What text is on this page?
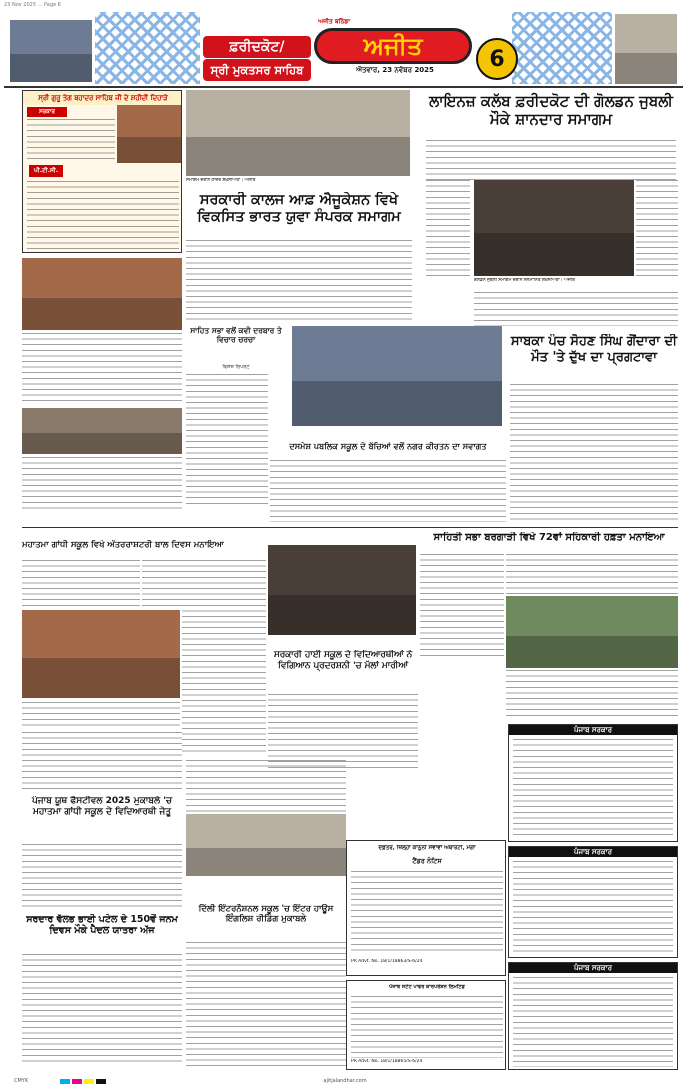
23 Nov 2025 ... Page 6
ਫ਼ਰੀਦਕੋਟ/
ਸ੍ਰੀ ਮੁਕਤਸਰ ਸਾਹਿਬ
ਅਜੀਤ ਬਠਿੰਡਾ
ਅਜੀਤ
ਐਤਵਾਰ, 23 ਨਵੰਬਰ 2025	6
ਸ੍ਰੀ ਗੁਰੂ ਤੇਗ ਬਹਾਦਰ ਸਾਹਿਬ ਜੀ ਦੇ ਸ਼ਹੀਦੀ ਦਿਹਾੜੇ
ਸਰਕਾਰ
ਪੀ.ਟੀ.ਸੀ.
ਸਮਾਗਮ ਦੌਰਾਨ ਹਾਜ਼ਰ ਸ਼ਖ਼ਸੀਅਤਾਂ। ਅਜੀਤ
ਸਰਕਾਰੀ ਕਾਲਜ ਆਫ਼ ਐਜੂਕੇਸ਼ਨ ਵਿਖੇ ਵਿਕਸਿਤ ਭਾਰਤ ਯੁਵਾ ਸੰਪਰਕ ਸਮਾਗਮ
ਲਾਇਨਜ਼ ਕਲੱਬ ਫ਼ਰੀਦਕੋਟ ਦੀ ਗੋਲਡਨ ਜੁਬਲੀ ਮੌਕੇ ਸ਼ਾਨਦਾਰ ਸਮਾਗਮ
ਗੋਲਡਨ ਜੁਬਲੀ ਸਮਾਗਮ ਦੌਰਾਨ ਸਨਮਾਨਿਤ ਸ਼ਖ਼ਸੀਅਤਾਂ। ਅਜੀਤ
ਸਾਹਿਤ ਸਭਾ ਵਲੋਂ ਕਵੀ ਦਰਬਾਰ ਤੇ ਵਿਚਾਰ ਚਰਚਾ
ਵਿਸ਼ੇਸ਼ ਰਿਪੋਰਟ
ਦਸਮੇਸ਼ ਪਬਲਿਕ ਸਕੂਲ ਦੇ ਬੱਚਿਆਂ ਵਲੋਂ ਨਗਰ ਕੀਰਤਨ ਦਾ ਸਵਾਗਤ
ਸਾਬਕਾ ਪੰਚ ਸੋਹਣ ਸਿੰਘ ਗੋਂਦਾਰਾ ਦੀ ਮੌਤ 'ਤੇ ਦੁੱਖ ਦਾ ਪ੍ਰਗਟਾਵਾ
ਸਾਹਿਤੀ ਸਭਾ ਬਰਗਾੜੀ ਵਿਖੇ 72ਵਾਂ ਸਹਿਕਾਰੀ ਹਫ਼ਤਾ ਮਨਾਇਆ
ਮਹਾਤਮਾ ਗਾਂਧੀ ਸਕੂਲ ਵਿਖੇ ਅੰਤਰਰਾਸ਼ਟਰੀ ਬਾਲ ਦਿਵਸ ਮਨਾਇਆ
ਸਰਕਾਰੀ ਹਾਈ ਸਕੂਲ ਦੇ ਵਿਦਿਆਰਥੀਆਂ ਨੇ ਵਿਗਿਆਨ ਪ੍ਰਦਰਸ਼ਨੀ 'ਚ ਮੱਲਾਂ ਮਾਰੀਆਂ
ਪੰਜਾਬ ਯੂਥ ਫੈਸਟੀਵਲ 2025 ਮੁਕਾਬਲੇ 'ਚ ਮਹਾਤਮਾ ਗਾਂਧੀ ਸਕੂਲ ਦੇ ਵਿਦਿਆਰਥੀ ਜੇਤੂ
ਦਿੱਲੀ ਇੰਟਰਨੈਸ਼ਨਲ ਸਕੂਲ 'ਚ ਇੰਟਰ ਹਾਊਸ ਇੰਗਲਿਸ਼ ਰੀਡਿੰਗ ਮੁਕਾਬਲੇ
ਸਰਦਾਰ ਵੱਲਭ ਭਾਈ ਪਟੇਲ ਦੇ 150ਵੇਂ ਜਨਮ ਦਿਵਸ ਮੌਕੇ ਪੈਦਲ ਯਾਤਰਾ ਅੱਜ
ਦਫ਼ਤਰ, ਜ਼ਿਲ੍ਹਾ ਕਾਨੂੰਨੀ ਸੇਵਾਵਾਂ ਅਥਾਰਟੀ, ਮੋਗਾ
ਟੈਂਡਰ ਨੋਟਿਸ
PR Advt. No. 18/1/18863/S-6/24
ਪੰਜਾਬ ਸਟੇਟ ਪਾਵਰ ਕਾਰਪੋਰੇਸ਼ਨ ਲਿਮਟਿਡ
PR Advt. No. 18/1/18865/S-6/24
ਪੰਜਾਬ ਸਰਕਾਰ
ਪੰਜਾਬ ਸਰਕਾਰ
ਪੰਜਾਬ ਸਰਕਾਰ
CMYK	ajitjalandhar.com
